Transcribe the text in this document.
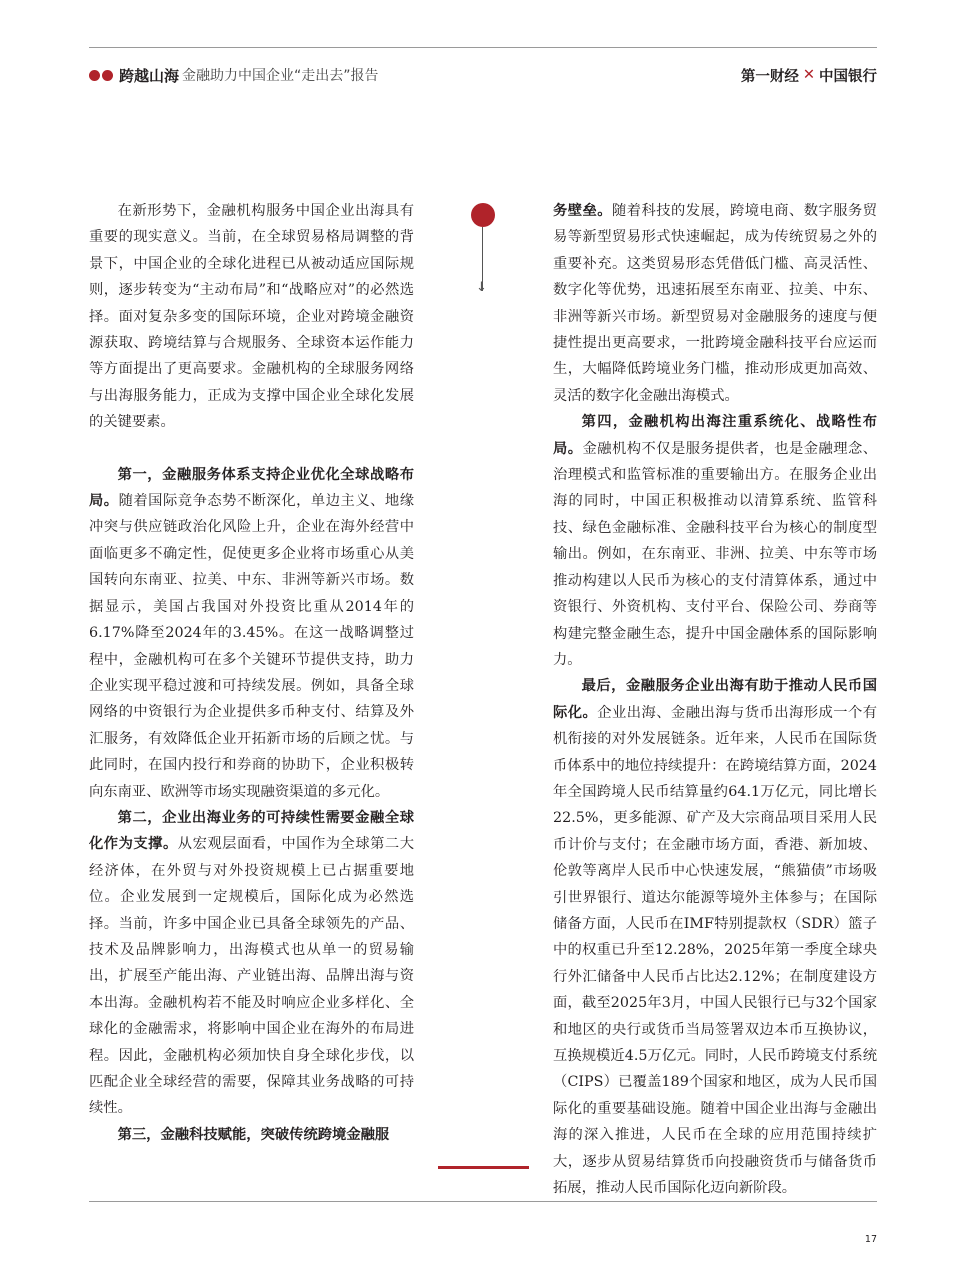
跨越山海 金融助力中国企业“走出去”报告	第一财经 ✕ 中国银行
↓

在新形势下，金融机构服务中国企业出海具有重要的现实意义。当前，在全球贸易格局调整的背景下，中国企业的全球化进程已从被动适应国际规则，逐步转变为“主动布局”和“战略应对”的必然选择。面对复杂多变的国际环境，企业对跨境金融资源获取、跨境结算与合规服务、全球资本运作能力等方面提出了更高要求。金融机构的全球服务网络与出海服务能力，正成为支撑中国企业全球化发展的关键要素。

第一，金融服务体系支持企业优化全球战略布局。随着国际竞争态势不断深化，单边主义、地缘冲突与供应链政治化风险上升，企业在海外经营中面临更多不确定性，促使更多企业将市场重心从美国转向东南亚、拉美、中东、非洲等新兴市场。数据显示，美国占我国对外投资比重从2014年的6.17%降至2024年的3.45%。在这一战略调整过程中，金融机构可在多个关键环节提供支持，助力企业实现平稳过渡和可持续发展。例如，具备全球网络的中资银行为企业提供多币种支付、结算及外汇服务，有效降低企业开拓新市场的后顾之忧。与此同时，在国内投行和券商的协助下，企业积极转向东南亚、欧洲等市场实现融资渠道的多元化。

第二，企业出海业务的可持续性需要金融全球化作为支撑。从宏观层面看，中国作为全球第二大经济体，在外贸与对外投资规模上已占据重要地位。企业发展到一定规模后，国际化成为必然选择。当前，许多中国企业已具备全球领先的产品、技术及品牌影响力，出海模式也从单一的贸易输出，扩展至产能出海、产业链出海、品牌出海与资本出海。金融机构若不能及时响应企业多样化、全球化的金融需求，将影响中国企业在海外的布局进程。因此，金融机构必须加快自身全球化步伐，以匹配企业全球经营的需要，保障其业务战略的可持续性。

第三，金融科技赋能，突破传统跨境金融服

务壁垒。随着科技的发展，跨境电商、数字服务贸易等新型贸易形式快速崛起，成为传统贸易之外的重要补充。这类贸易形态凭借低门槛、高灵活性、数字化等优势，迅速拓展至东南亚、拉美、中东、非洲等新兴市场。新型贸易对金融服务的速度与便捷性提出更高要求，一批跨境金融科技平台应运而生，大幅降低跨境业务门槛，推动形成更加高效、灵活的数字化金融出海模式。

第四，金融机构出海注重系统化、战略性布局。金融机构不仅是服务提供者，也是金融理念、治理模式和监管标准的重要输出方。在服务企业出海的同时，中国正积极推动以清算系统、监管科技、绿色金融标准、金融科技平台为核心的制度型输出。例如，在东南亚、非洲、拉美、中东等市场推动构建以人民币为核心的支付清算体系，通过中资银行、外资机构、支付平台、保险公司、券商等构建完整金融生态，提升中国金融体系的国际影响力。

最后，金融服务企业出海有助于推动人民币国际化。企业出海、金融出海与货币出海形成一个有机衔接的对外发展链条。近年来，人民币在国际货币体系中的地位持续提升：在跨境结算方面，2024年全国跨境人民币结算量约64.1万亿元，同比增长22.5%，更多能源、矿产及大宗商品项目采用人民币计价与支付；在金融市场方面，香港、新加坡、伦敦等离岸人民币中心快速发展，“熊猫债”市场吸引世界银行、道达尔能源等境外主体参与；在国际储备方面，人民币在IMF特别提款权（SDR）篮子中的权重已升至12.28%，2025年第一季度全球央行外汇储备中人民币占比达2.12%；在制度建设方面，截至2025年3月，中国人民银行已与32个国家和地区的央行或货币当局签署双边本币互换协议，互换规模近4.5万亿元。同时，人民币跨境支付系统（CIPS）已覆盖189个国家和地区，成为人民币国际化的重要基础设施。随着中国企业出海与金融出海的深入推进，人民币在全球的应用范围持续扩大，逐步从贸易结算货币向投融资货币与储备货币拓展，推动人民币国际化迈向新阶段。

17
